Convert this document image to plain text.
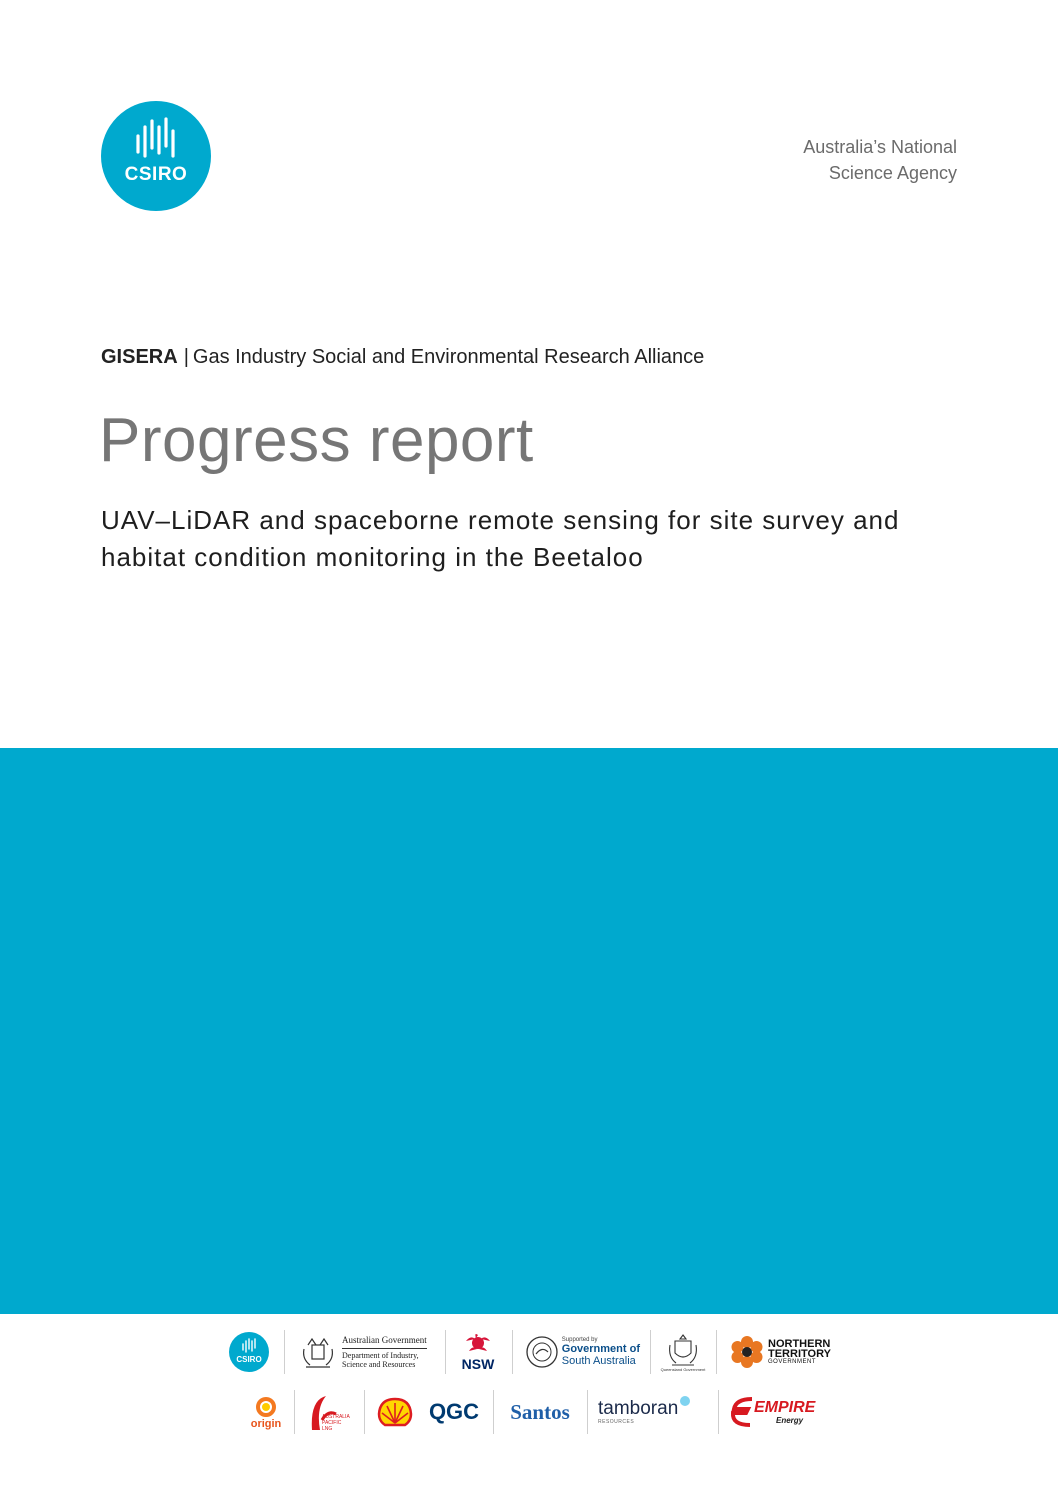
CSIRO
Australia’s National
Science Agency
GISERA | Gas Industry Social and Environmental Research Alliance
Progress report
UAV–LiDAR and spaceborne remote sensing for site survey and habitat condition monitoring in the Beetaloo
CSIRO
Australian Government
Department of Industry,
Science and Resources	NSW
Supported by
Government of
South Australia
Queensland Government
NORTHERN
TERRITORY
GOVERNMENT
origin
AUSTRALIA PACIFIC LNG
QGC Santos tamboran
RESOURCES
EMPIRE
Energy
